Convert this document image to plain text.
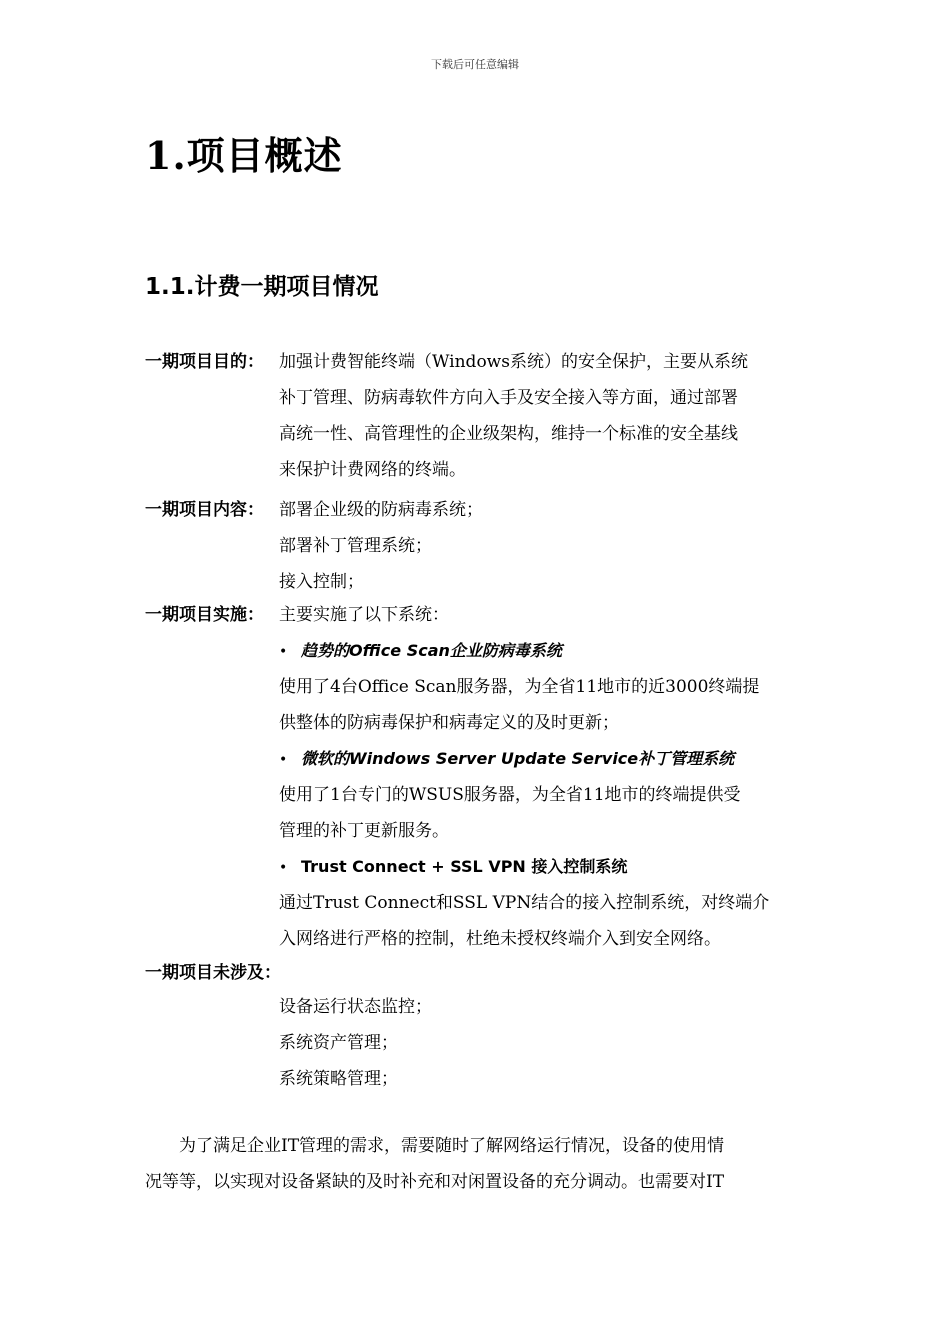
下载后可任意编辑
1.项目概述
1.1.计费一期项目情况
一期项目目的： 加强计费智能终端（Windows系统）的安全保护，主要从系统
补丁管理、防病毒软件方向入手及安全接入等方面，通过部署
高统一性、高管理性的企业级架构，维持一个标准的安全基线
来保护计费网络的终端。
一期项目内容： 部署企业级的防病毒系统；
部署补丁管理系统；
接入控制；
一期项目实施： 主要实施了以下系统：
• 趋势的Office Scan企业防病毒系统
使用了4台Office Scan服务器，为全省11地市的近3000终端提
供整体的防病毒保护和病毒定义的及时更新；
• 微软的Windows Server Update Service补丁管理系统
使用了1台专门的WSUS服务器，为全省11地市的终端提供受
管理的补丁更新服务。
• Trust Connect + SSL VPN 接入控制系统
通过Trust Connect和SSL VPN结合的接入控制系统，对终端介
入网络进行严格的控制，杜绝未授权终端介入到安全网络。
一期项目未涉及：
设备运行状态监控；
系统资产管理；
系统策略管理；
　　为了满足企业IT管理的需求，需要随时了解网络运行情况，设备的使用情
况等等，以实现对设备紧缺的及时补充和对闲置设备的充分调动。也需要对IT
